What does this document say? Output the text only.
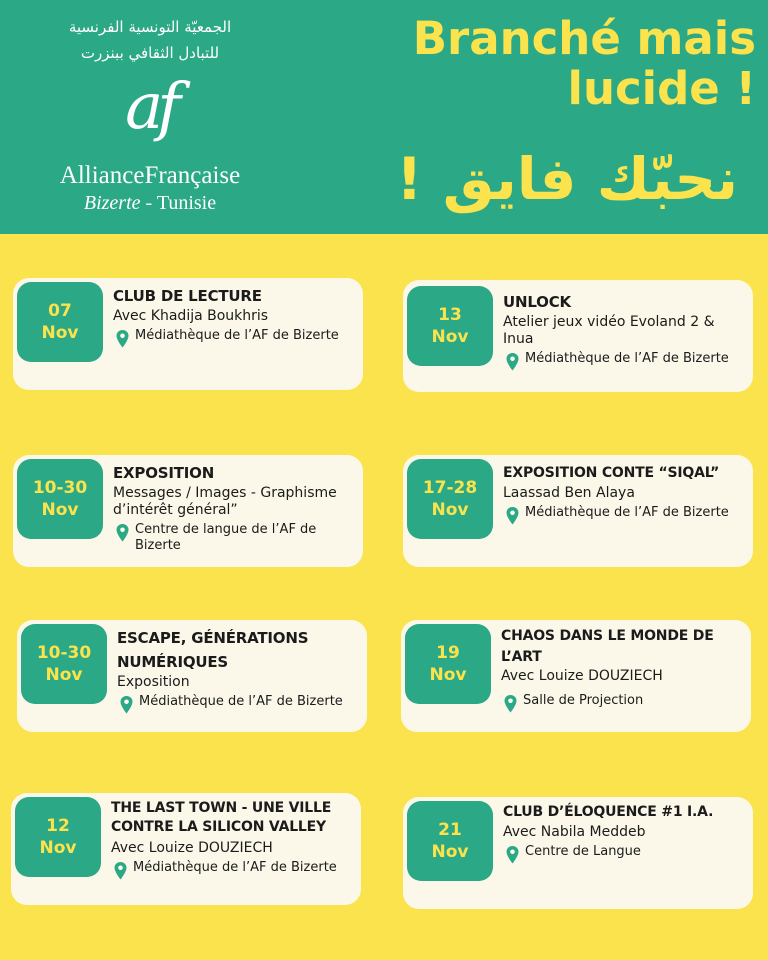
الجمعيّة التونسية الفرنسية
للتبادل الثقافي ببنزرت
af
AllianceFrançaise
Bizerte - Tunisie
Branché mais lucide !
نحبّك فايق !
07
Nov
CLUB DE LECTURE
Avec Khadija Boukhris
Médiathèque de l’AF de Bizerte
13
Nov
UNLOCK
Atelier jeux vidéo Evoland 2 & Inua
Médiathèque de l’AF de Bizerte
10-30
Nov
EXPOSITION
Messages / Images - Graphisme d’intérêt général”
Centre de langue de l’AF de Bizerte
17-28
Nov
EXPOSITION CONTE “SIQAL”
Laassad Ben Alaya
Médiathèque de l’AF de Bizerte
10-30
Nov
ESCAPE, GÉNÉRATIONS NUMÉRIQUES
Exposition
Médiathèque de l’AF de Bizerte
19
Nov
CHAOS DANS LE MONDE DE L’ART
Avec Louize DOUZIECH
Salle de Projection
12
Nov
THE LAST TOWN - UNE VILLE CONTRE LA SILICON VALLEY
Avec Louize DOUZIECH
Médiathèque de l’AF de Bizerte
21
Nov
CLUB D’ÉLOQUENCE #1 I.A.
Avec Nabila Meddeb
Centre de Langue
